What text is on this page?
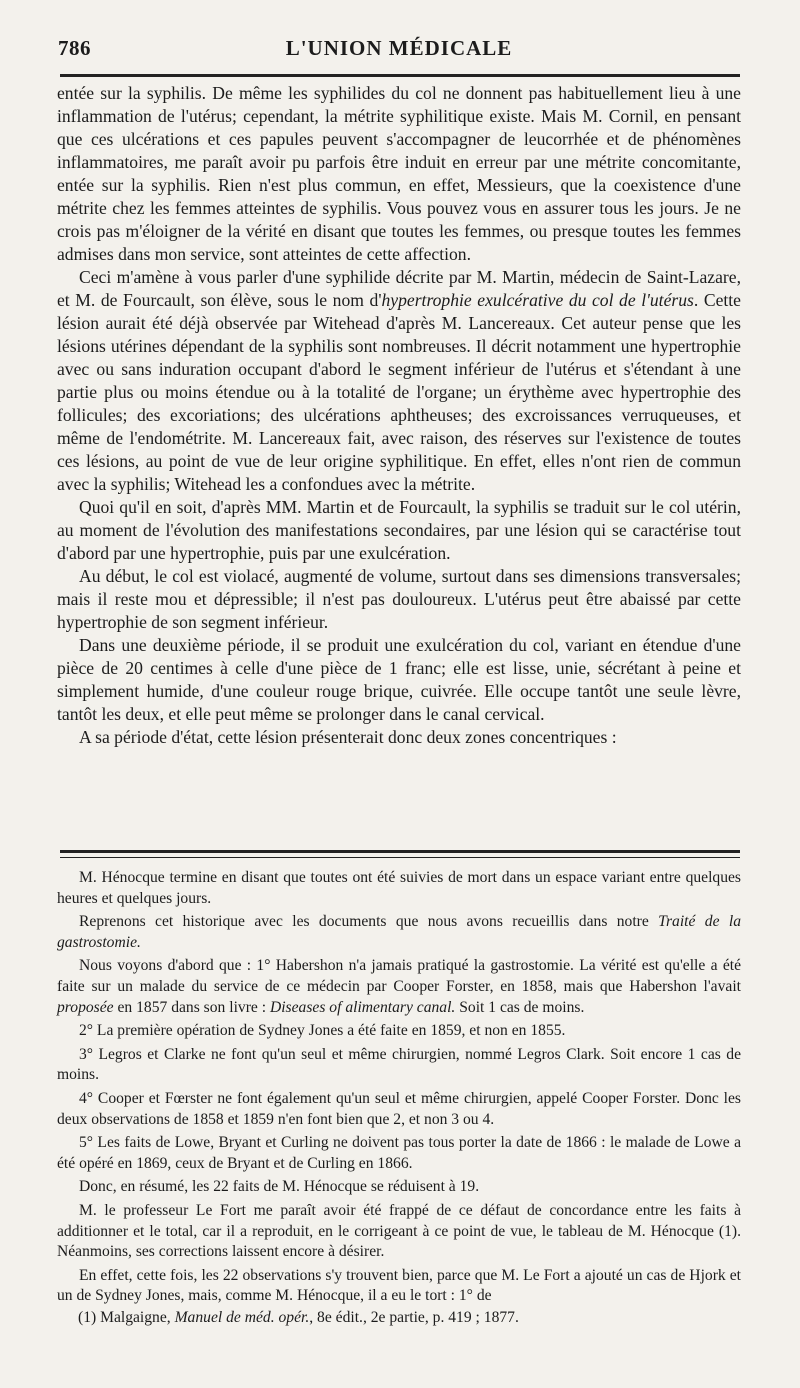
786	L'UNION MÉDICALE

entée sur la syphilis. De même les syphilides du col ne donnent pas habituellement lieu à une inflammation de l'utérus; cependant, la métrite syphilitique existe. Mais M. Cornil, en pensant que ces ulcérations et ces papules peuvent s'accompagner de leucorrhée et de phénomènes inflammatoires, me paraît avoir pu parfois être induit en erreur par une métrite concomitante, entée sur la syphilis. Rien n'est plus commun, en effet, Messieurs, que la coexistence d'une métrite chez les femmes atteintes de syphilis. Vous pouvez vous en assurer tous les jours. Je ne crois pas m'éloigner de la vérité en disant que toutes les femmes, ou presque toutes les femmes admises dans mon service, sont atteintes de cette affection.

Ceci m'amène à vous parler d'une syphilide décrite par M. Martin, médecin de Saint-Lazare, et M. de Fourcault, son élève, sous le nom d'hypertrophie exulcérative du col de l'utérus. Cette lésion aurait été déjà observée par Witehead d'après M. Lancereaux. Cet auteur pense que les lésions utérines dépendant de la syphilis sont nombreuses. Il décrit notamment une hypertrophie avec ou sans induration occupant d'abord le segment inférieur de l'utérus et s'étendant à une partie plus ou moins étendue ou à la totalité de l'organe; un érythème avec hypertrophie des follicules; des excoriations; des ulcérations aphtheuses; des excroissances verruqueuses, et même de l'endométrite. M. Lancereaux fait, avec raison, des réserves sur l'existence de toutes ces lésions, au point de vue de leur origine syphilitique. En effet, elles n'ont rien de commun avec la syphilis; Witehead les a confondues avec la métrite.

Quoi qu'il en soit, d'après MM. Martin et de Fourcault, la syphilis se traduit sur le col utérin, au moment de l'évolution des manifestations secondaires, par une lésion qui se caractérise tout d'abord par une hypertrophie, puis par une exulcération.

Au début, le col est violacé, augmenté de volume, surtout dans ses dimensions transversales; mais il reste mou et dépressible; il n'est pas douloureux. L'utérus peut être abaissé par cette hypertrophie de son segment inférieur.

Dans une deuxième période, il se produit une exulcération du col, variant en étendue d'une pièce de 20 centimes à celle d'une pièce de 1 franc; elle est lisse, unie, sécrétant à peine et simplement humide, d'une couleur rouge brique, cuivrée. Elle occupe tantôt une seule lèvre, tantôt les deux, et elle peut même se prolonger dans le canal cervical.

A sa période d'état, cette lésion présenterait donc deux zones concentriques :

M. Hénocque termine en disant que toutes ont été suivies de mort dans un espace variant entre quelques heures et quelques jours.

Reprenons cet historique avec les documents que nous avons recueillis dans notre Traité de la gastrostomie.

Nous voyons d'abord que : 1° Habershon n'a jamais pratiqué la gastrostomie. La vérité est qu'elle a été faite sur un malade du service de ce médecin par Cooper Forster, en 1858, mais que Habershon l'avait proposée en 1857 dans son livre : Diseases of alimentary canal. Soit 1 cas de moins.

2° La première opération de Sydney Jones a été faite en 1859, et non en 1855.

3° Legros et Clarke ne font qu'un seul et même chirurgien, nommé Legros Clark. Soit encore 1 cas de moins.

4° Cooper et Fœrster ne font également qu'un seul et même chirurgien, appelé Cooper Forster. Donc les deux observations de 1858 et 1859 n'en font bien que 2, et non 3 ou 4.

5° Les faits de Lowe, Bryant et Curling ne doivent pas tous porter la date de 1866 : le malade de Lowe a été opéré en 1869, ceux de Bryant et de Curling en 1866.

Donc, en résumé, les 22 faits de M. Hénocque se réduisent à 19.

M. le professeur Le Fort me paraît avoir été frappé de ce défaut de concordance entre les faits à additionner et le total, car il a reproduit, en le corrigeant à ce point de vue, le tableau de M. Hénocque (1). Néanmoins, ses corrections laissent encore à désirer.

En effet, cette fois, les 22 observations s'y trouvent bien, parce que M. Le Fort a ajouté un cas de Hjork et un de Sydney Jones, mais, comme M. Hénocque, il a eu le tort : 1° de

(1) Malgaigne, Manuel de méd. opér., 8e édit., 2e partie, p. 419 ; 1877.
